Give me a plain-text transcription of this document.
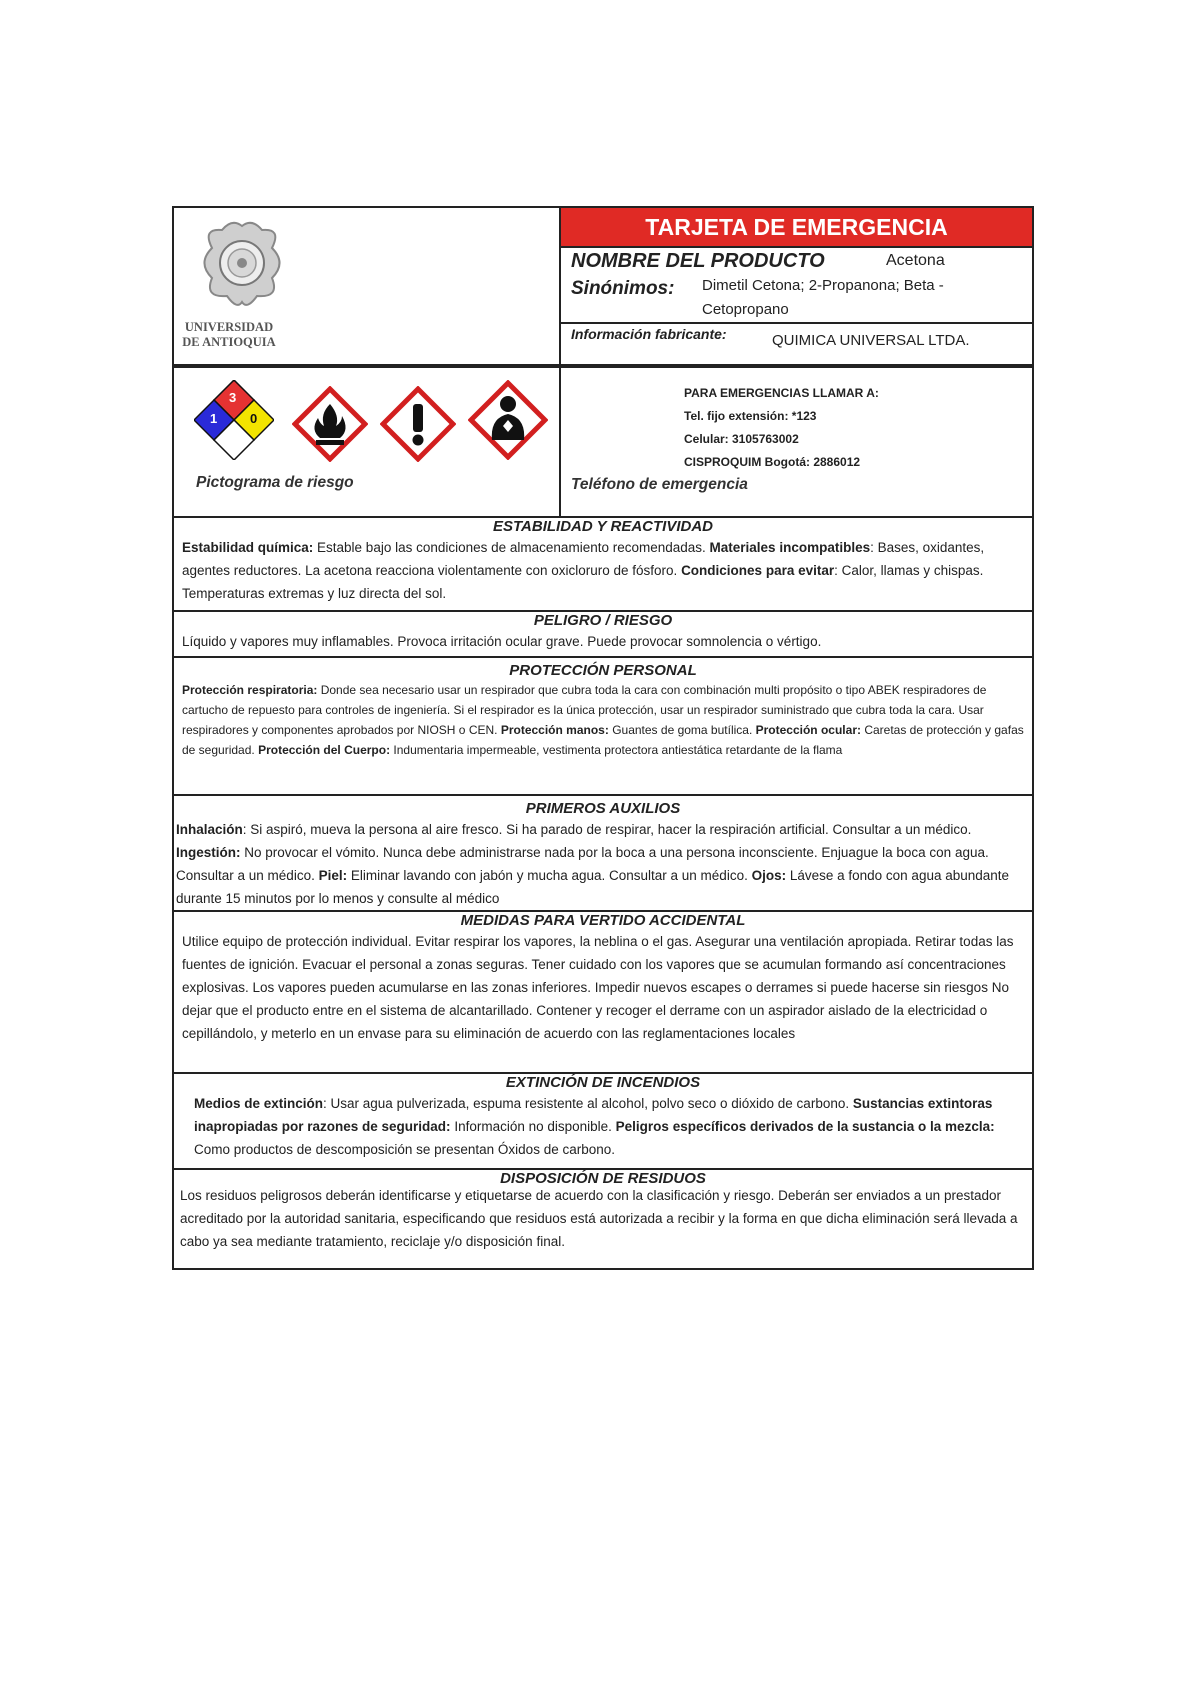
UNIVERSIDAD
DE ANTIOQUIA
TARJETA DE EMERGENCIA
NOMBRE DEL PRODUCTO	Acetona
Sinónimos: Dimetil Cetona; 2-Propanona; Beta - Cetopropano
Información fabricante:	QUIMICA UNIVERSAL LTDA.
3
1	0
Pictograma de riesgo
PARA EMERGENCIAS LLAMAR A:
Tel. fijo extensión: *123
Celular: 3105763002
CISPROQUIM Bogotá: 2886012
Teléfono de emergencia
ESTABILIDAD Y REACTIVIDAD
Estabilidad química: Estable bajo las condiciones de almacenamiento recomendadas. Materiales incompatibles: Bases, oxidantes, agentes reductores. La acetona reacciona violentamente con oxicloruro de fósforo. Condiciones para evitar: Calor, llamas y chispas. Temperaturas extremas y luz directa del sol.
PELIGRO / RIESGO
Líquido y vapores muy inflamables. Provoca irritación ocular grave. Puede provocar somnolencia o vértigo.
PROTECCIÓN PERSONAL
Protección respiratoria: Donde sea necesario usar un respirador que cubra toda la cara con combinación multi propósito o tipo ABEK respiradores de cartucho de repuesto para controles de ingeniería. Si el respirador es la única protección, usar un respirador suministrado que cubra toda la cara. Usar respiradores y componentes aprobados por NIOSH o CEN. Protección manos: Guantes de goma butílica. Protección ocular: Caretas de protección y gafas de seguridad. Protección del Cuerpo: Indumentaria impermeable, vestimenta protectora antiestática retardante de la flama
PRIMEROS AUXILIOS
Inhalación: Si aspiró, mueva la persona al aire fresco. Si ha parado de respirar, hacer la respiración artificial. Consultar a un médico. Ingestión: No provocar el vómito. Nunca debe administrarse nada por la boca a una persona inconsciente. Enjuague la boca con agua. Consultar a un médico. Piel: Eliminar lavando con jabón y mucha agua. Consultar a un médico. Ojos: Lávese a fondo con agua abundante durante 15 minutos por lo menos y consulte al médico
MEDIDAS PARA VERTIDO ACCIDENTAL
Utilice equipo de protección individual. Evitar respirar los vapores, la neblina o el gas. Asegurar una ventilación apropiada. Retirar todas las fuentes de ignición. Evacuar el personal a zonas seguras. Tener cuidado con los vapores que se acumulan formando así concentraciones explosivas. Los vapores pueden acumularse en las zonas inferiores. Impedir nuevos escapes o derrames si puede hacerse sin riesgos No dejar que el producto entre en el sistema de alcantarillado. Contener y recoger el derrame con un aspirador aislado de la electricidad o cepillándolo, y meterlo en un envase para su eliminación de acuerdo con las reglamentaciones locales
EXTINCIÓN DE INCENDIOS
Medios de extinción: Usar agua pulverizada, espuma resistente al alcohol, polvo seco o dióxido de carbono. Sustancias extintoras inapropiadas por razones de seguridad: Información no disponible. Peligros específicos derivados de la sustancia o la mezcla: Como productos de descomposición se presentan Óxidos de carbono.
DISPOSICIÓN DE RESIDUOS
Los residuos peligrosos deberán identificarse y etiquetarse de acuerdo con la clasificación y riesgo. Deberán ser enviados a un prestador acreditado por la autoridad sanitaria, especificando que residuos está autorizada a recibir y la forma en que dicha eliminación será llevada a cabo ya sea mediante tratamiento, reciclaje y/o disposición final.
